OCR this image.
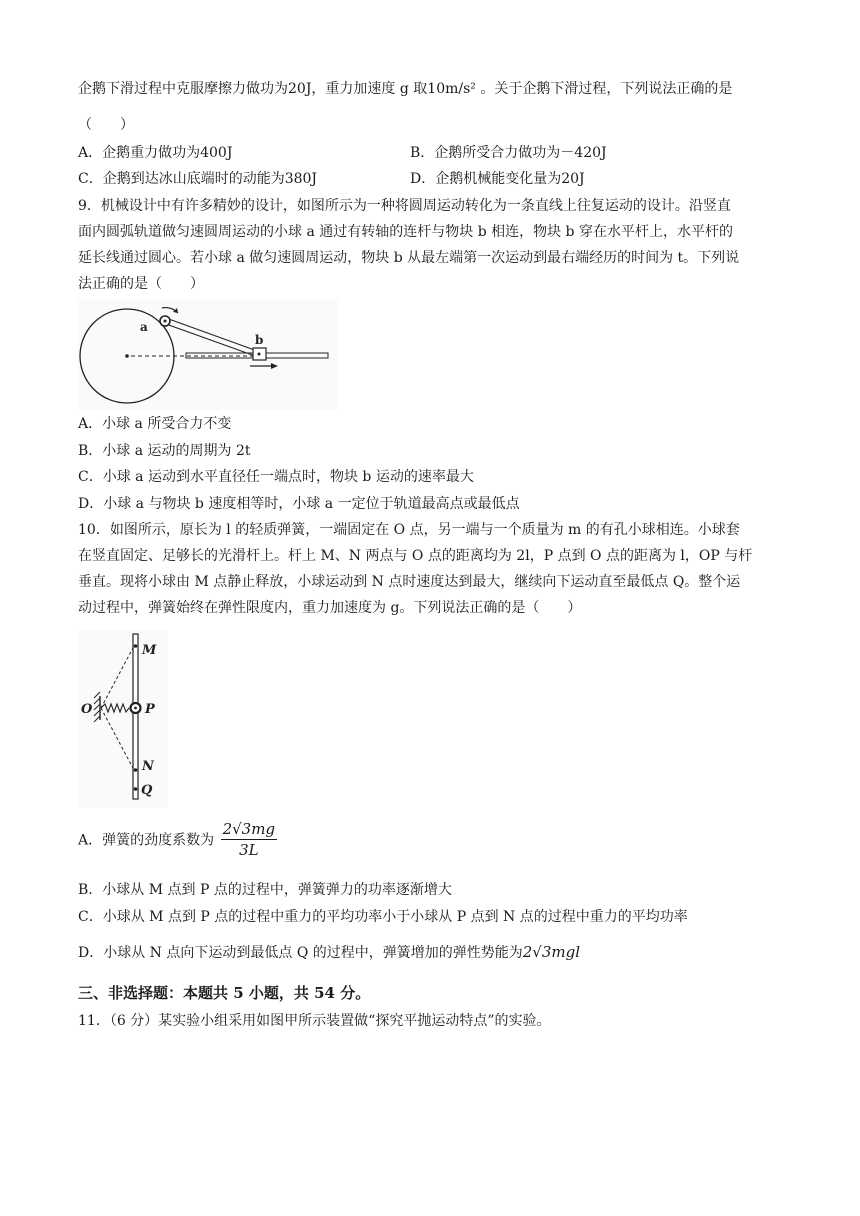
企鹅下滑过程中克服摩擦力做功为20J，重力加速度 g 取10m/s² 。关于企鹅下滑过程，下列说法正确的是
（　　）
A．企鹅重力做功为400J	B．企鹅所受合力做功为－420J
C．企鹅到达冰山底端时的动能为380J	D．企鹅机械能变化量为20J
9．机械设计中有许多精妙的设计，如图所示为一种将圆周运动转化为一条直线上往复运动的设计。沿竖直
面内圆弧轨道做匀速圆周运动的小球 a 通过有转轴的连杆与物块 b 相连，物块 b 穿在水平杆上，水平杆的
延长线通过圆心。若小球 a 做匀速圆周运动，物块 b 从最左端第一次运动到最右端经历的时间为 t。下列说
法正确的是（　　）
a
b
A．小球 a 所受合力不变
B．小球 a 运动的周期为 2t
C．小球 a 运动到水平直径任一端点时，物块 b 运动的速率最大
D．小球 a 与物块 b 速度相等时，小球 a 一定位于轨道最高点或最低点
10．如图所示，原长为 l 的轻质弹簧，一端固定在 O 点，另一端与一个质量为 m 的有孔小球相连。小球套
在竖直固定、足够长的光滑杆上。杆上 M、N 两点与 O 点的距离均为 2l，P 点到 O 点的距离为 l，OP 与杆
垂直。现将小球由 M 点静止释放，小球运动到 N 点时速度达到最大，继续向下运动直至最低点 Q。整个运
动过程中，弹簧始终在弹性限度内，重力加速度为 g。下列说法正确的是（　　）
M
O	P
N
Q
A．弹簧的劲度系数为 $\frac{2√3mg}{3L}$
B．小球从 M 点到 P 点的过程中，弹簧弹力的功率逐渐增大
C．小球从 M 点到 P 点的过程中重力的平均功率小于小球从 P 点到 N 点的过程中重力的平均功率
D．小球从 N 点向下运动到最低点 Q 的过程中，弹簧增加的弹性势能为2√3mgl
三、非选择题：本题共 5 小题，共 54 分。
11．（6 分）某实验小组采用如图甲所示装置做“探究平抛运动特点”的实验。
